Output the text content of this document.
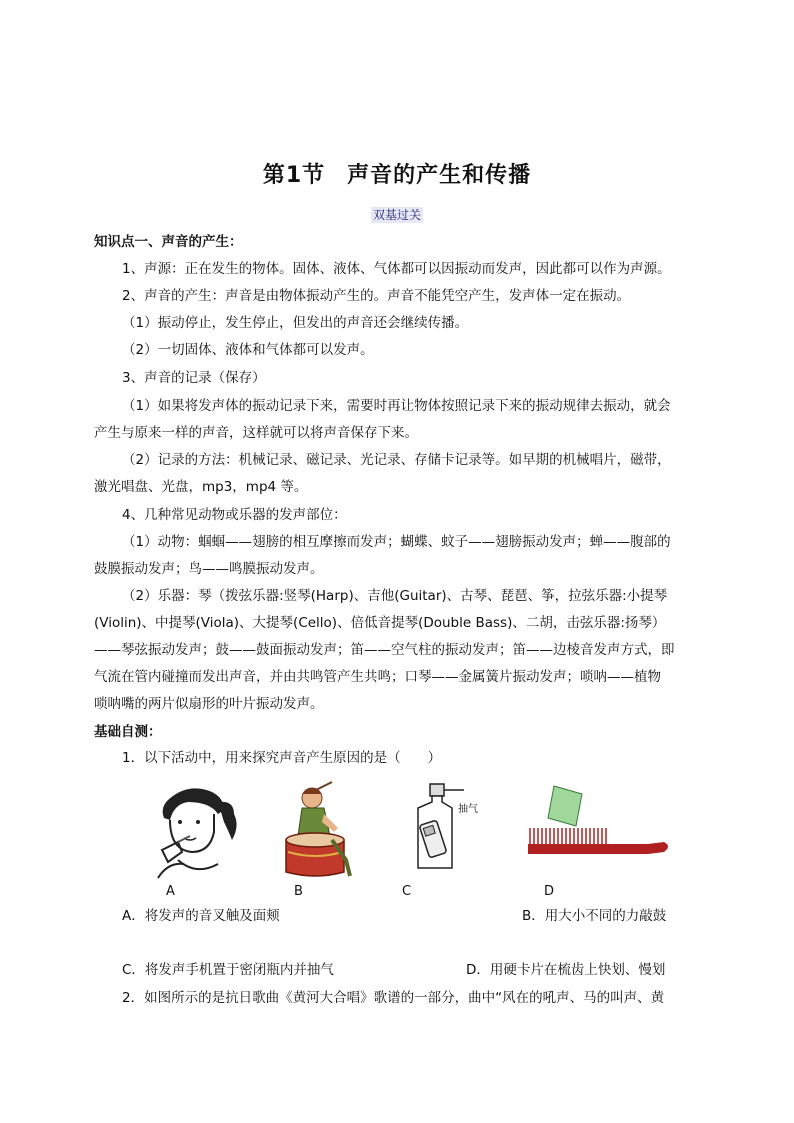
第1节 声音的产生和传播
双基过关
知识点一、声音的产生：
1、声源：正在发生的物体。固体、液体、气体都可以因振动而发声，因此都可以作为声源。
2、声音的产生：声音是由物体振动产生的。声音不能凭空产生，发声体一定在振动。
（1）振动停止，发生停止，但发出的声音还会继续传播。
（2）一切固体、液体和气体都可以发声。
3、声音的记录（保存）
（1）如果将发声体的振动记录下来，需要时再让物体按照记录下来的振动规律去振动，就会
产生与原来一样的声音，这样就可以将声音保存下来。
（2）记录的方法：机械记录、磁记录、光记录、存储卡记录等。如早期的机械唱片，磁带，
激光唱盘、光盘，mp3，mp4 等。
4、几种常见动物或乐器的发声部位：
（1）动物：蝈蝈——翅膀的相互摩擦而发声；蝴蝶、蚊子——翅膀振动发声；蝉——腹部的
鼓膜振动发声；鸟——鸣膜振动发声。
（2）乐器：琴（拨弦乐器:竖琴(Harp)、吉他(Guitar)、古琴、琵琶、筝，拉弦乐器:小提琴
(Violin)、中提琴(Viola)、大提琴(Cello)、倍低音提琴(Double Bass)、二胡，击弦乐器:扬琴）
——琴弦振动发声；鼓——鼓面振动发声；笛——空气柱的振动发声；笛——边棱音发声方式，即
气流在管内碰撞而发出声音，并由共鸣管产生共鸣；口琴——金属簧片振动发声；唢呐——植物
唢呐嘴的两片似扇形的叶片振动发声。
基础自测：
1．以下活动中，用来探究声音产生原因的是（　　）
抽气
A	B	C	D
A．将发声的音叉触及面颊	B．用大小不同的力敲鼓
C．将发声手机置于密闭瓶内并抽气	D．用硬卡片在梳齿上快划、慢划
2．如图所示的是抗日歌曲《黄河大合唱》歌谱的一部分，曲中“风在的吼声、马的叫声、黄
